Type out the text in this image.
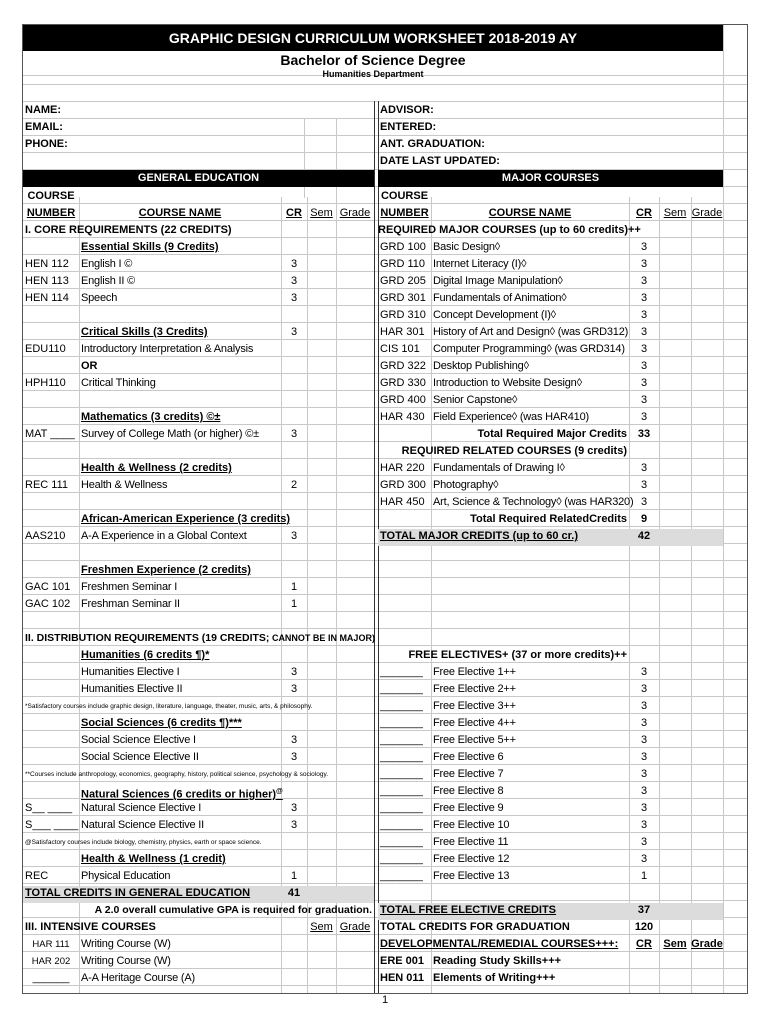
GRAPHIC DESIGN CURRICULUM WORKSHEET 2018-2019 AY
Bachelor of Science Degree
Humanities Department
NAME:
EMAIL:
PHONE:
ADVISOR:
ENTERED:
ANT. GRADUATION:
DATE LAST UPDATED:
GENERAL EDUCATION	MAJOR COURSES
COURSE
NUMBER	COURSE NAME	CR Sem Grade
COURSE
NUMBER	COURSE NAME	CR	Sem Grade
I. CORE REQUIREMENTS (22 CREDITS)
Essential Skills (9 Credits)
HEN 112 English I ©	3
HEN 113 English II ©	3
HEN 114 Speech	3
Critical Skills (3 Credits)	3
EDU110 Introductory Interpretation & Analysis
OR
HPH110 Critical Thinking
Mathematics (3 credits) ©±
MAT ____ Survey of College Math (or higher) ©±	3
Health & Wellness (2 credits)
REC 111 Health & Wellness	2
African-American Experience (3 credits)
AAS210 A-A Experience in a Global Context	3
Freshmen Experience (2 credits)
GAC 101 Freshmen Seminar I	1
GAC 102 Freshman Seminar II	1
II. DISTRIBUTION REQUIREMENTS (19 CREDITS; CANNOT BE IN MAJOR)
Humanities (6 credits ¶)*
Humanities Elective I	3
Humanities Elective II	3
*Satisfactory courses include graphic design, literature, language, theater, music, arts, & philosophy.
Social Sciences (6 credits ¶)***
Social Science Elective I	3
Social Science Elective II	3
**Courses include anthropology, economics, geography, history, political science, psychology & sociology.
Natural Sciences (6 credits or higher)@
S__ ____ Natural Science Elective I	3
S___ ____ Natural Science Elective II	3
@Satisfactory courses include biology, chemistry, physics, earth or space science.
Health & Wellness (1 credit)
REC	Physical Education	1
TOTAL CREDITS IN GENERAL EDUCATION	41
A 2.0 overall cumulative GPA is required for graduation.
III. INTENSIVE COURSES	Sem Grade
HAR 111	Writing Course (W)
HAR 202 Writing Course (W)
______	A-A Heritage Course (A)
REQUIRED MAJOR COURSES (up to 60 credits)++
GRD 100 Basic Design◊	3
GRD 110 Internet Literacy (I)◊	3
GRD 205 Digital Image Manipulation◊	3
GRD 301 Fundamentals of Animation◊	3
GRD 310 Concept Development (I)◊	3
HAR 301 History of Art and Design◊ (was GRD312)	3
CIS 101 Computer Programming◊ (was GRD314)	3
GRD 322 Desktop Publishing◊	3
GRD 330 Introduction to Website Design◊	3
GRD 400 Senior Capstone◊	3
HAR 430 Field Experience◊ (was HAR410)	3
Total Required Major Credits 33
REQUIRED RELATED COURSES (9 credits)
HAR 220 Fundamentals of Drawing I◊	3
GRD 300 Photography◊	3
HAR 450 Art, Science & Technology◊ (was HAR320) 3
Total Required RelatedCredits	9
TOTAL MAJOR CREDITS (up to 60 cr.)	42
FREE ELECTIVES+ (37 or more credits)++
_______ Free Elective 1++	3
_______ Free Elective 2++	3
_______ Free Elective 3++	3
_______ Free Elective 4++	3
_______ Free Elective 5++	3
_______ Free Elective 6	3
_______ Free Elective 7	3
_______ Free Elective 8	3
_______ Free Elective 9	3
_______ Free Elective 10	3
_______ Free Elective 11	3
_______ Free Elective 12	3
_______ Free Elective 13	1
TOTAL FREE ELECTIVE CREDITS	37
TOTAL CREDITS FOR GRADUATION	120
DEVELOPMENTAL/REMEDIAL COURSES+++:	CR	Sem Grade
ERE 001 Reading Study Skills+++
HEN 011 Elements of Writing+++
1
